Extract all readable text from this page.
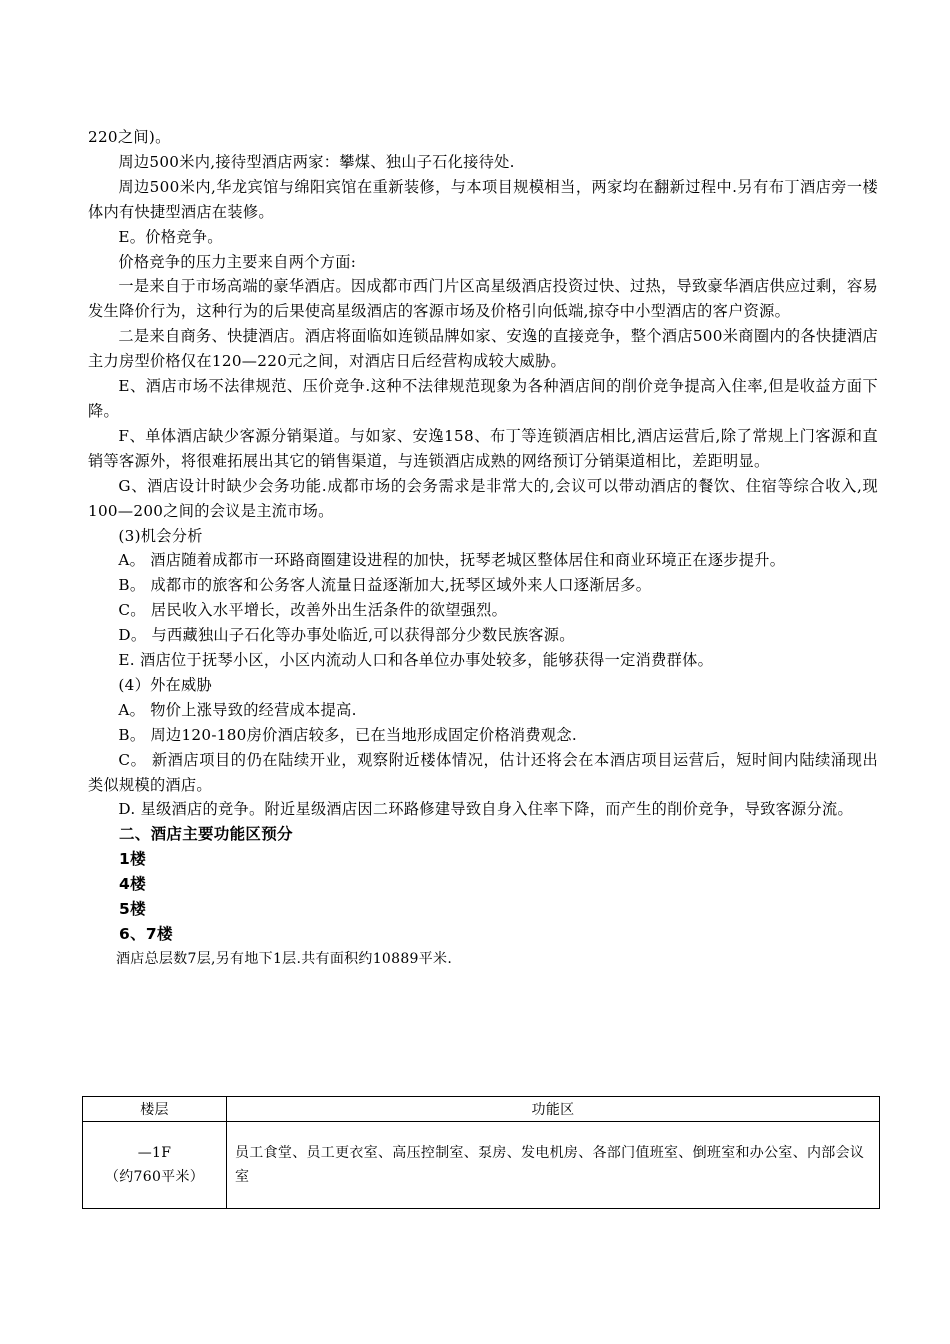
220之间)。

周边500米内,接待型酒店两家：攀煤、独山子石化接待处.

周边500米内,华龙宾馆与绵阳宾馆在重新装修，与本项目规模相当，两家均在翻新过程中.另有布丁酒店旁一楼体内有快捷型酒店在装修。

E。价格竞争。

价格竞争的压力主要来自两个方面:

一是来自于市场高端的豪华酒店。因成都市西门片区高星级酒店投资过快、过热，导致豪华酒店供应过剩，容易发生降价行为，这种行为的后果使高星级酒店的客源市场及价格引向低端,掠夺中小型酒店的客户资源。

二是来自商务、快捷酒店。酒店将面临如连锁品牌如家、安逸的直接竞争，整个酒店500米商圈内的各快捷酒店主力房型价格仅在120—220元之间，对酒店日后经营构成较大威胁。

E、酒店市场不法律规范、压价竞争.这种不法律规范现象为各种酒店间的削价竞争提高入住率,但是收益方面下降。

F、单体酒店缺少客源分销渠道。与如家、安逸158、布丁等连锁酒店相比,酒店运营后,除了常规上门客源和直销等客源外，将很难拓展出其它的销售渠道，与连锁酒店成熟的网络预订分销渠道相比，差距明显。

G、酒店设计时缺少会务功能.成都市场的会务需求是非常大的,会议可以带动酒店的餐饮、住宿等综合收入,现100—200之间的会议是主流市场。

(3)机会分析

A。 酒店随着成都市一环路商圈建设进程的加快，抚琴老城区整体居住和商业环境正在逐步提升。

B。 成都市的旅客和公务客人流量日益逐渐加大,抚琴区域外来人口逐渐居多。

C。 居民收入水平增长，改善外出生活条件的欲望强烈。

D。 与西藏独山子石化等办事处临近,可以获得部分少数民族客源。

E. 酒店位于抚琴小区，小区内流动人口和各单位办事处较多，能够获得一定消费群体。

(4）外在威胁

A。 物价上涨导致的经营成本提高.

B。 周边120-180房价酒店较多，已在当地形成固定价格消费观念.

C。 新酒店项目的仍在陆续开业，观察附近楼体情况，估计还将会在本酒店项目运营后，短时间内陆续涌现出类似规模的酒店。

D. 星级酒店的竞争。附近星级酒店因二环路修建导致自身入住率下降，而产生的削价竞争，导致客源分流。

二、酒店主要功能区预分

1楼

4楼

5楼

6、7楼

酒店总层数7层,另有地下1层.共有面积约10889平米.

楼层	功能区

—1F
（约760平米）	员工食堂、员工更衣室、高压控制室、泵房、发电机房、各部门值班室、倒班室和办公室、内部会议室
